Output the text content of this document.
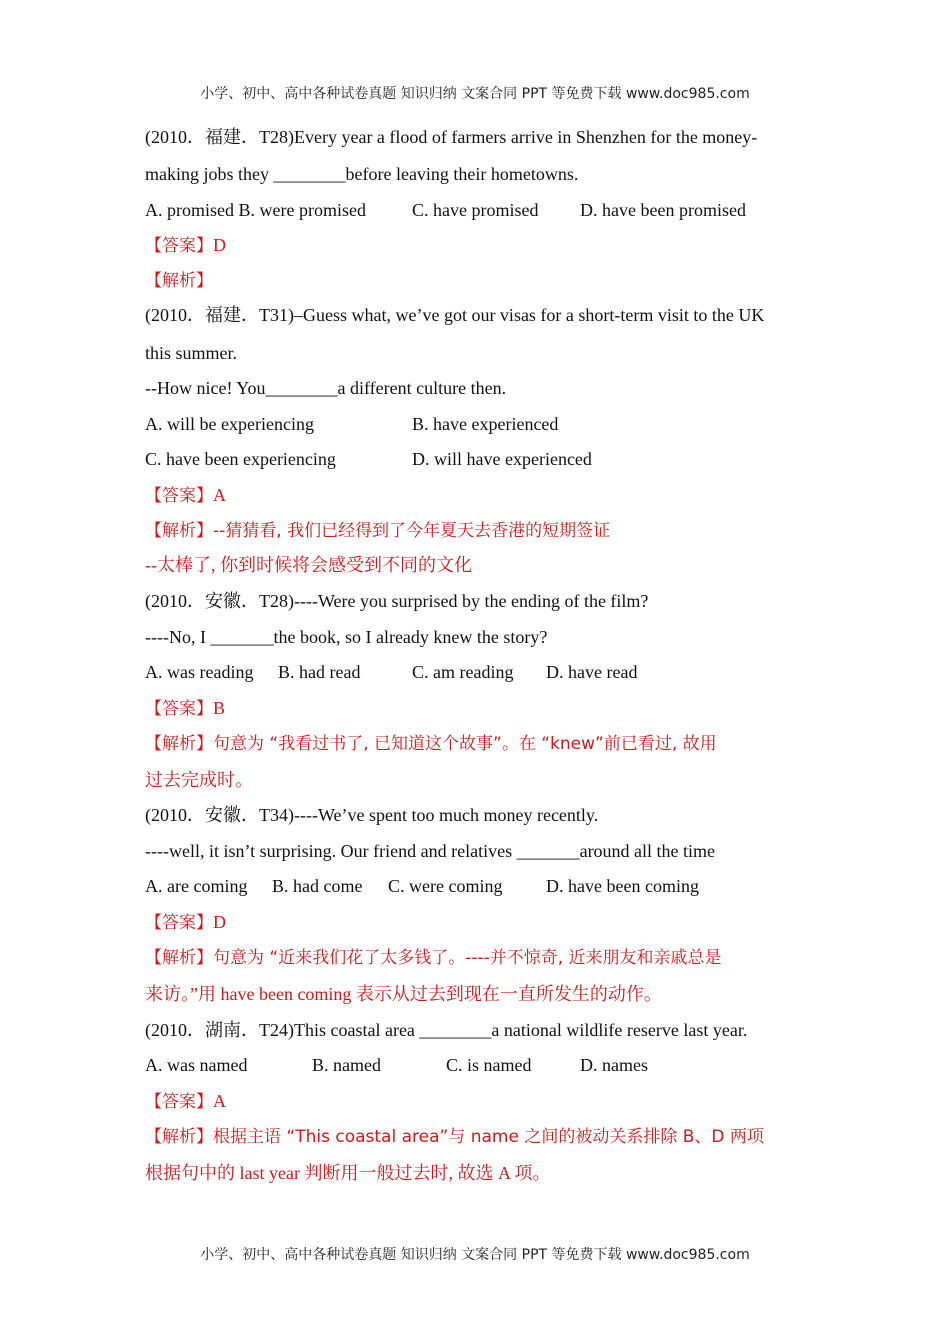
小学、初中、高中各种试卷真题 知识归纳 文案合同 PPT 等免费下载 www.doc985.com
(2010．福建．T28)Every year a flood of farmers arrive in Shenzhen for the money-
making jobs they ________before leaving their hometowns.
A. promised B. were promised	C. have promised D. have been promised
【答案】D
【解析】
(2010．福建．T31)–Guess what, we’ve got our visas for a short-term visit to the UK
this summer.
--How nice! You________a different culture then.
A. will be experiencing	B. have experienced
C. have been experiencing	D. will have experienced
【答案】A
【解析】--猜猜看, 我们已经得到了今年夏天去香港的短期签证
--太棒了, 你到时候将会感受到不同的文化
(2010．安徽．T28)----Were you surprised by the ending of the film?
----No, I _______the book, so I already knew the story?
A. was reading B. had read	C. am reading D. have read
【答案】B
【解析】句意为 “我看过书了, 已知道这个故事”。在 “knew”前已看过, 故用
过去完成时。
(2010．安徽．T34)----We’ve spent too much money recently.
----well, it isn’t surprising. Our friend and relatives _______around all the time
A. are coming B. had come C. were coming D. have been coming
【答案】D
【解析】句意为 “近来我们花了太多钱了。----并不惊奇, 近来朋友和亲戚总是
来访。”用 have been coming 表示从过去到现在一直所发生的动作。
(2010．湖南．T24)This coastal area ________a national wildlife reserve last year.
A. was named	B. named	C. is named	D. names
【答案】A
【解析】根据主语 “This coastal area”与 name 之间的被动关系排除 B、D 两项
根据句中的 last year 判断用一般过去时, 故选 A 项。
小学、初中、高中各种试卷真题 知识归纳 文案合同 PPT 等免费下载 www.doc985.com
